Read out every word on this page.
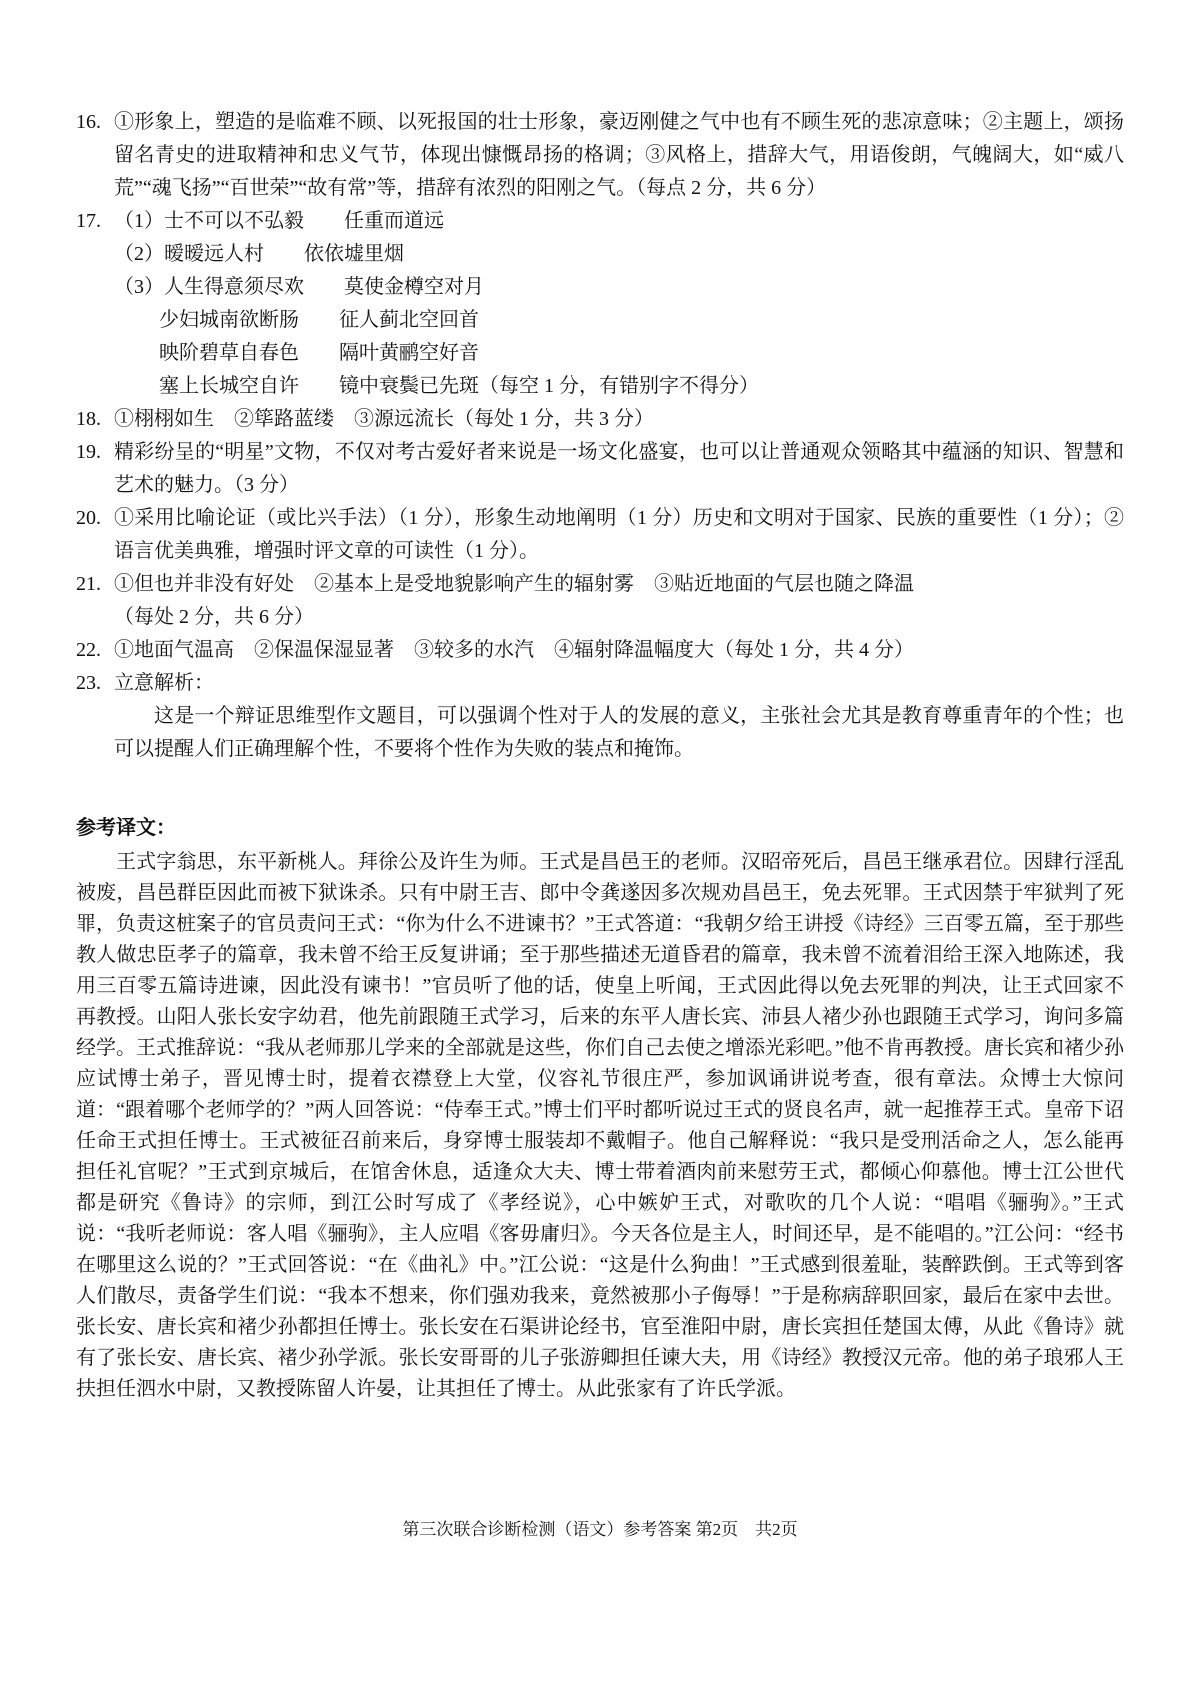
16. ①形象上，塑造的是临难不顾、以死报国的壮士形象，豪迈刚健之气中也有不顾生死的悲凉意味；②主题上，颂扬留名青史的进取精神和忠义气节，体现出慷慨昂扬的格调；③风格上，措辞大气，用语俊朗，气魄阔大，如“威八荒”“魂飞扬”“百世荣”“故有常”等，措辞有浓烈的阳刚之气。（每点 2 分，共 6 分）
17. （1）士不可以不弘毅　　任重而道远
（2）暧暧远人村　　依依墟里烟
（3）人生得意须尽欢　　莫使金樽空对月
少妇城南欲断肠　　征人蓟北空回首
映阶碧草自春色　　隔叶黄鹂空好音
塞上长城空自许　　镜中衰鬓已先斑（每空 1 分，有错别字不得分）
18. ①栩栩如生　②筚路蓝缕　③源远流长（每处 1 分，共 3 分）
19. 精彩纷呈的“明星”文物，不仅对考古爱好者来说是一场文化盛宴，也可以让普通观众领略其中蕴涵的知识、智慧和艺术的魅力。（3 分）
20. ①采用比喻论证（或比兴手法）（1 分），形象生动地阐明（1 分）历史和文明对于国家、民族的重要性（1 分）；②语言优美典雅，增强时评文章的可读性（1 分）。
21. ①但也并非没有好处　②基本上是受地貌影响产生的辐射雾　③贴近地面的气层也随之降温
（每处 2 分，共 6 分）
22. ①地面气温高　②保温保湿显著　③较多的水汽　④辐射降温幅度大（每处 1 分，共 4 分）
23. 立意解析：

这是一个辩证思维型作文题目，可以强调个性对于人的发展的意义，主张社会尤其是教育尊重青年的个性；也可以提醒人们正确理解个性，不要将个性作为失败的装点和掩饰。

参考译文：

王式字翁思，东平新桃人。拜徐公及许生为师。王式是昌邑王的老师。汉昭帝死后，昌邑王继承君位。因肆行淫乱被废，昌邑群臣因此而被下狱诛杀。只有中尉王吉、郎中令龚遂因多次规劝昌邑王，免去死罪。王式因禁于牢狱判了死罪，负责这桩案子的官员责问王式：“你为什么不进谏书？”王式答道：“我朝夕给王讲授《诗经》三百零五篇，至于那些教人做忠臣孝子的篇章，我未曾不给王反复讲诵；至于那些描述无道昏君的篇章，我未曾不流着泪给王深入地陈述，我用三百零五篇诗进谏，因此没有谏书！”官员听了他的话，使皇上听闻，王式因此得以免去死罪的判决，让王式回家不再教授。山阳人张长安字幼君，他先前跟随王式学习，后来的东平人唐长宾、沛县人褚少孙也跟随王式学习，询问多篇经学。王式推辞说：“我从老师那儿学来的全部就是这些，你们自己去使之增添光彩吧。”他不肯再教授。唐长宾和褚少孙应试博士弟子，晋见博士时，提着衣襟登上大堂，仪容礼节很庄严，参加讽诵讲说考查，很有章法。众博士大惊问道：“跟着哪个老师学的？”两人回答说：“侍奉王式。”博士们平时都听说过王式的贤良名声，就一起推荐王式。皇帝下诏任命王式担任博士。王式被征召前来后，身穿博士服装却不戴帽子。他自己解释说：“我只是受刑活命之人，怎么能再担任礼官呢？”王式到京城后，在馆舍休息，适逢众大夫、博士带着酒肉前来慰劳王式，都倾心仰慕他。博士江公世代都是研究《鲁诗》的宗师，到江公时写成了《孝经说》，心中嫉妒王式，对歌吹的几个人说：“唱唱《骊驹》。”王式说：“我听老师说：客人唱《骊驹》，主人应唱《客毋庸归》。今天各位是主人，时间还早，是不能唱的。”江公问：“经书在哪里这么说的？”王式回答说：“在《曲礼》中。”江公说：“这是什么狗曲！”王式感到很羞耻，装醉跌倒。王式等到客人们散尽，责备学生们说：“我本不想来，你们强劝我来，竟然被那小子侮辱！”于是称病辞职回家，最后在家中去世。张长安、唐长宾和褚少孙都担任博士。张长安在石渠讲论经书，官至淮阳中尉，唐长宾担任楚国太傅，从此《鲁诗》就有了张长安、唐长宾、褚少孙学派。张长安哥哥的儿子张游卿担任谏大夫，用《诗经》教授汉元帝。他的弟子琅邪人王扶担任泗水中尉，又教授陈留人许晏，让其担任了博士。从此张家有了许氏学派。

第三次联合诊断检测（语文）参考答案 第2页　共2页
